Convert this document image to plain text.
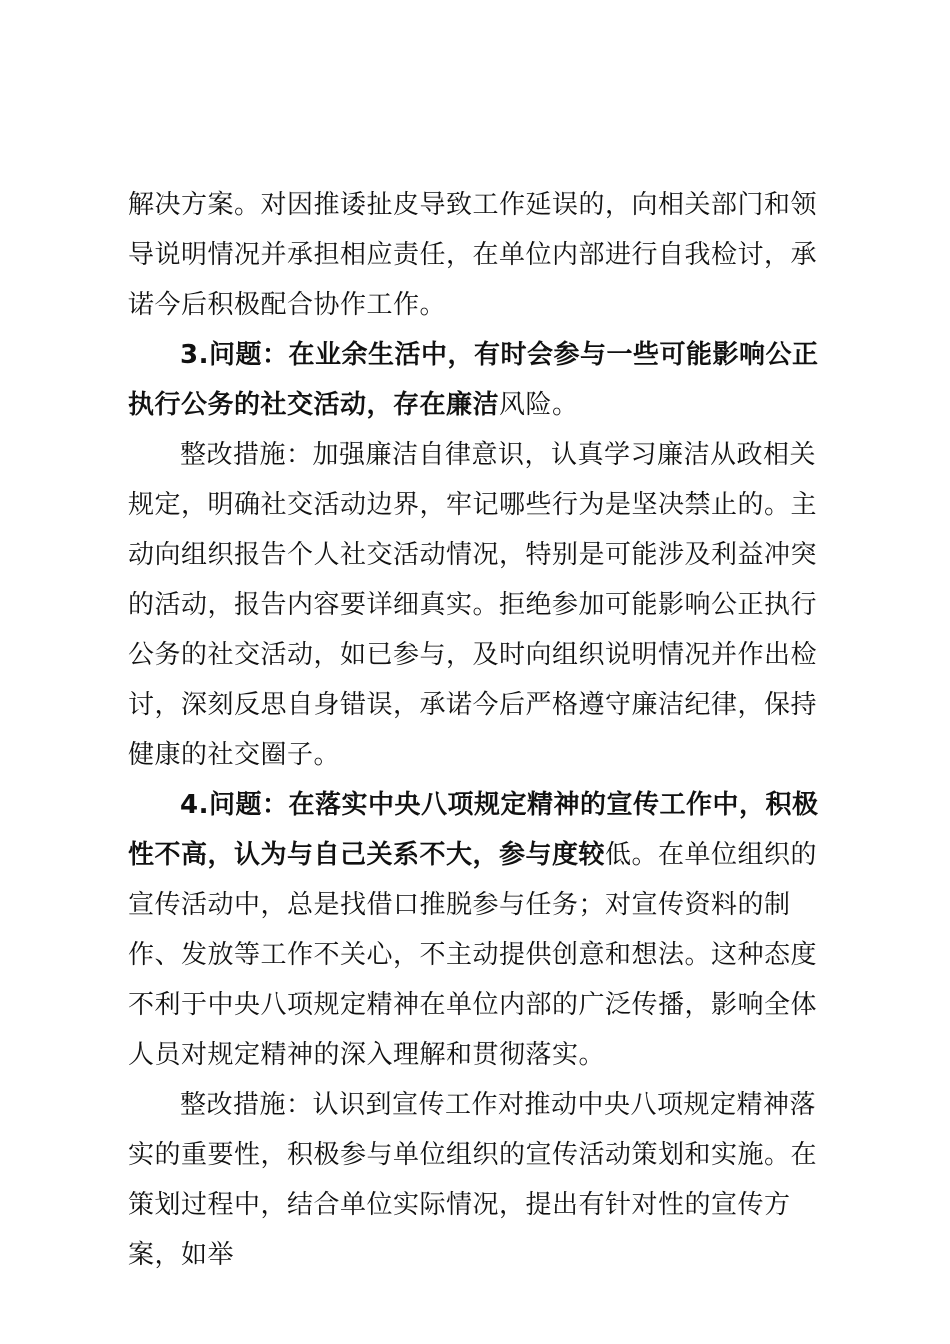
解决方案。对因推诿扯皮导致工作延误的，向相关部门和领导说明情况并承担相应责任，在单位内部进行自我检讨，承诺今后积极配合协作工作。

3.问题：在业余生活中，有时会参与一些可能影响公正执行公务的社交活动，存在廉洁风险。

整改措施：加强廉洁自律意识，认真学习廉洁从政相关规定，明确社交活动边界，牢记哪些行为是坚决禁止的。主动向组织报告个人社交活动情况，特别是可能涉及利益冲突的活动，报告内容要详细真实。拒绝参加可能影响公正执行公务的社交活动，如已参与，及时向组织说明情况并作出检讨，深刻反思自身错误，承诺今后严格遵守廉洁纪律，保持健康的社交圈子。

4.问题：在落实中央八项规定精神的宣传工作中，积极性不高，认为与自己关系不大，参与度较低。在单位组织的宣传活动中，总是找借口推脱参与任务；对宣传资料的制作、发放等工作不关心，不主动提供创意和想法。这种态度不利于中央八项规定精神在单位内部的广泛传播，影响全体人员对规定精神的深入理解和贯彻落实。

整改措施：认识到宣传工作对推动中央八项规定精神落实的重要性，积极参与单位组织的宣传活动策划和实施。在策划过程中，结合单位实际情况，提出有针对性的宣传方案，如举
